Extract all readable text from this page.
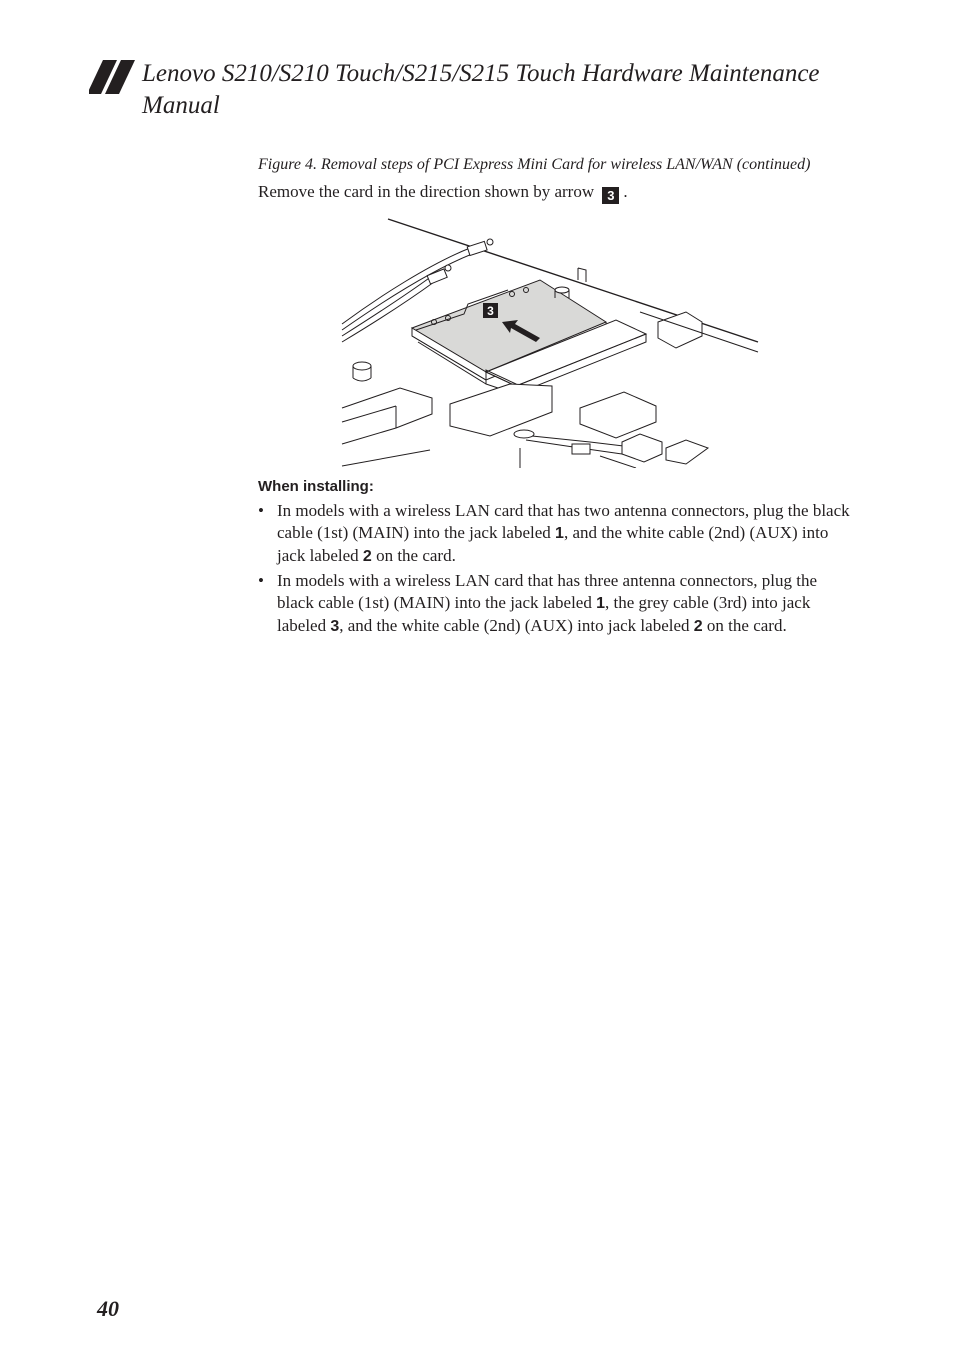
Lenovo S210/S210 Touch/S215/S215 Touch Hardware Maintenance Manual
Figure 4. Removal steps of PCI Express Mini Card for wireless LAN/WAN (continued)
Remove the card in the direction shown by arrow 3 .
3
When installing:
• In models with a wireless LAN card that has two antenna connectors, plug the black cable (1st) (MAIN) into the jack labeled 1, and the white cable (2nd) (AUX) into jack labeled 2 on the card.
• In models with a wireless LAN card that has three antenna connectors, plug the black cable (1st) (MAIN) into the jack labeled 1, the grey cable (3rd) into jack labeled 3, and the white cable (2nd) (AUX) into jack labeled 2 on the card.
40
